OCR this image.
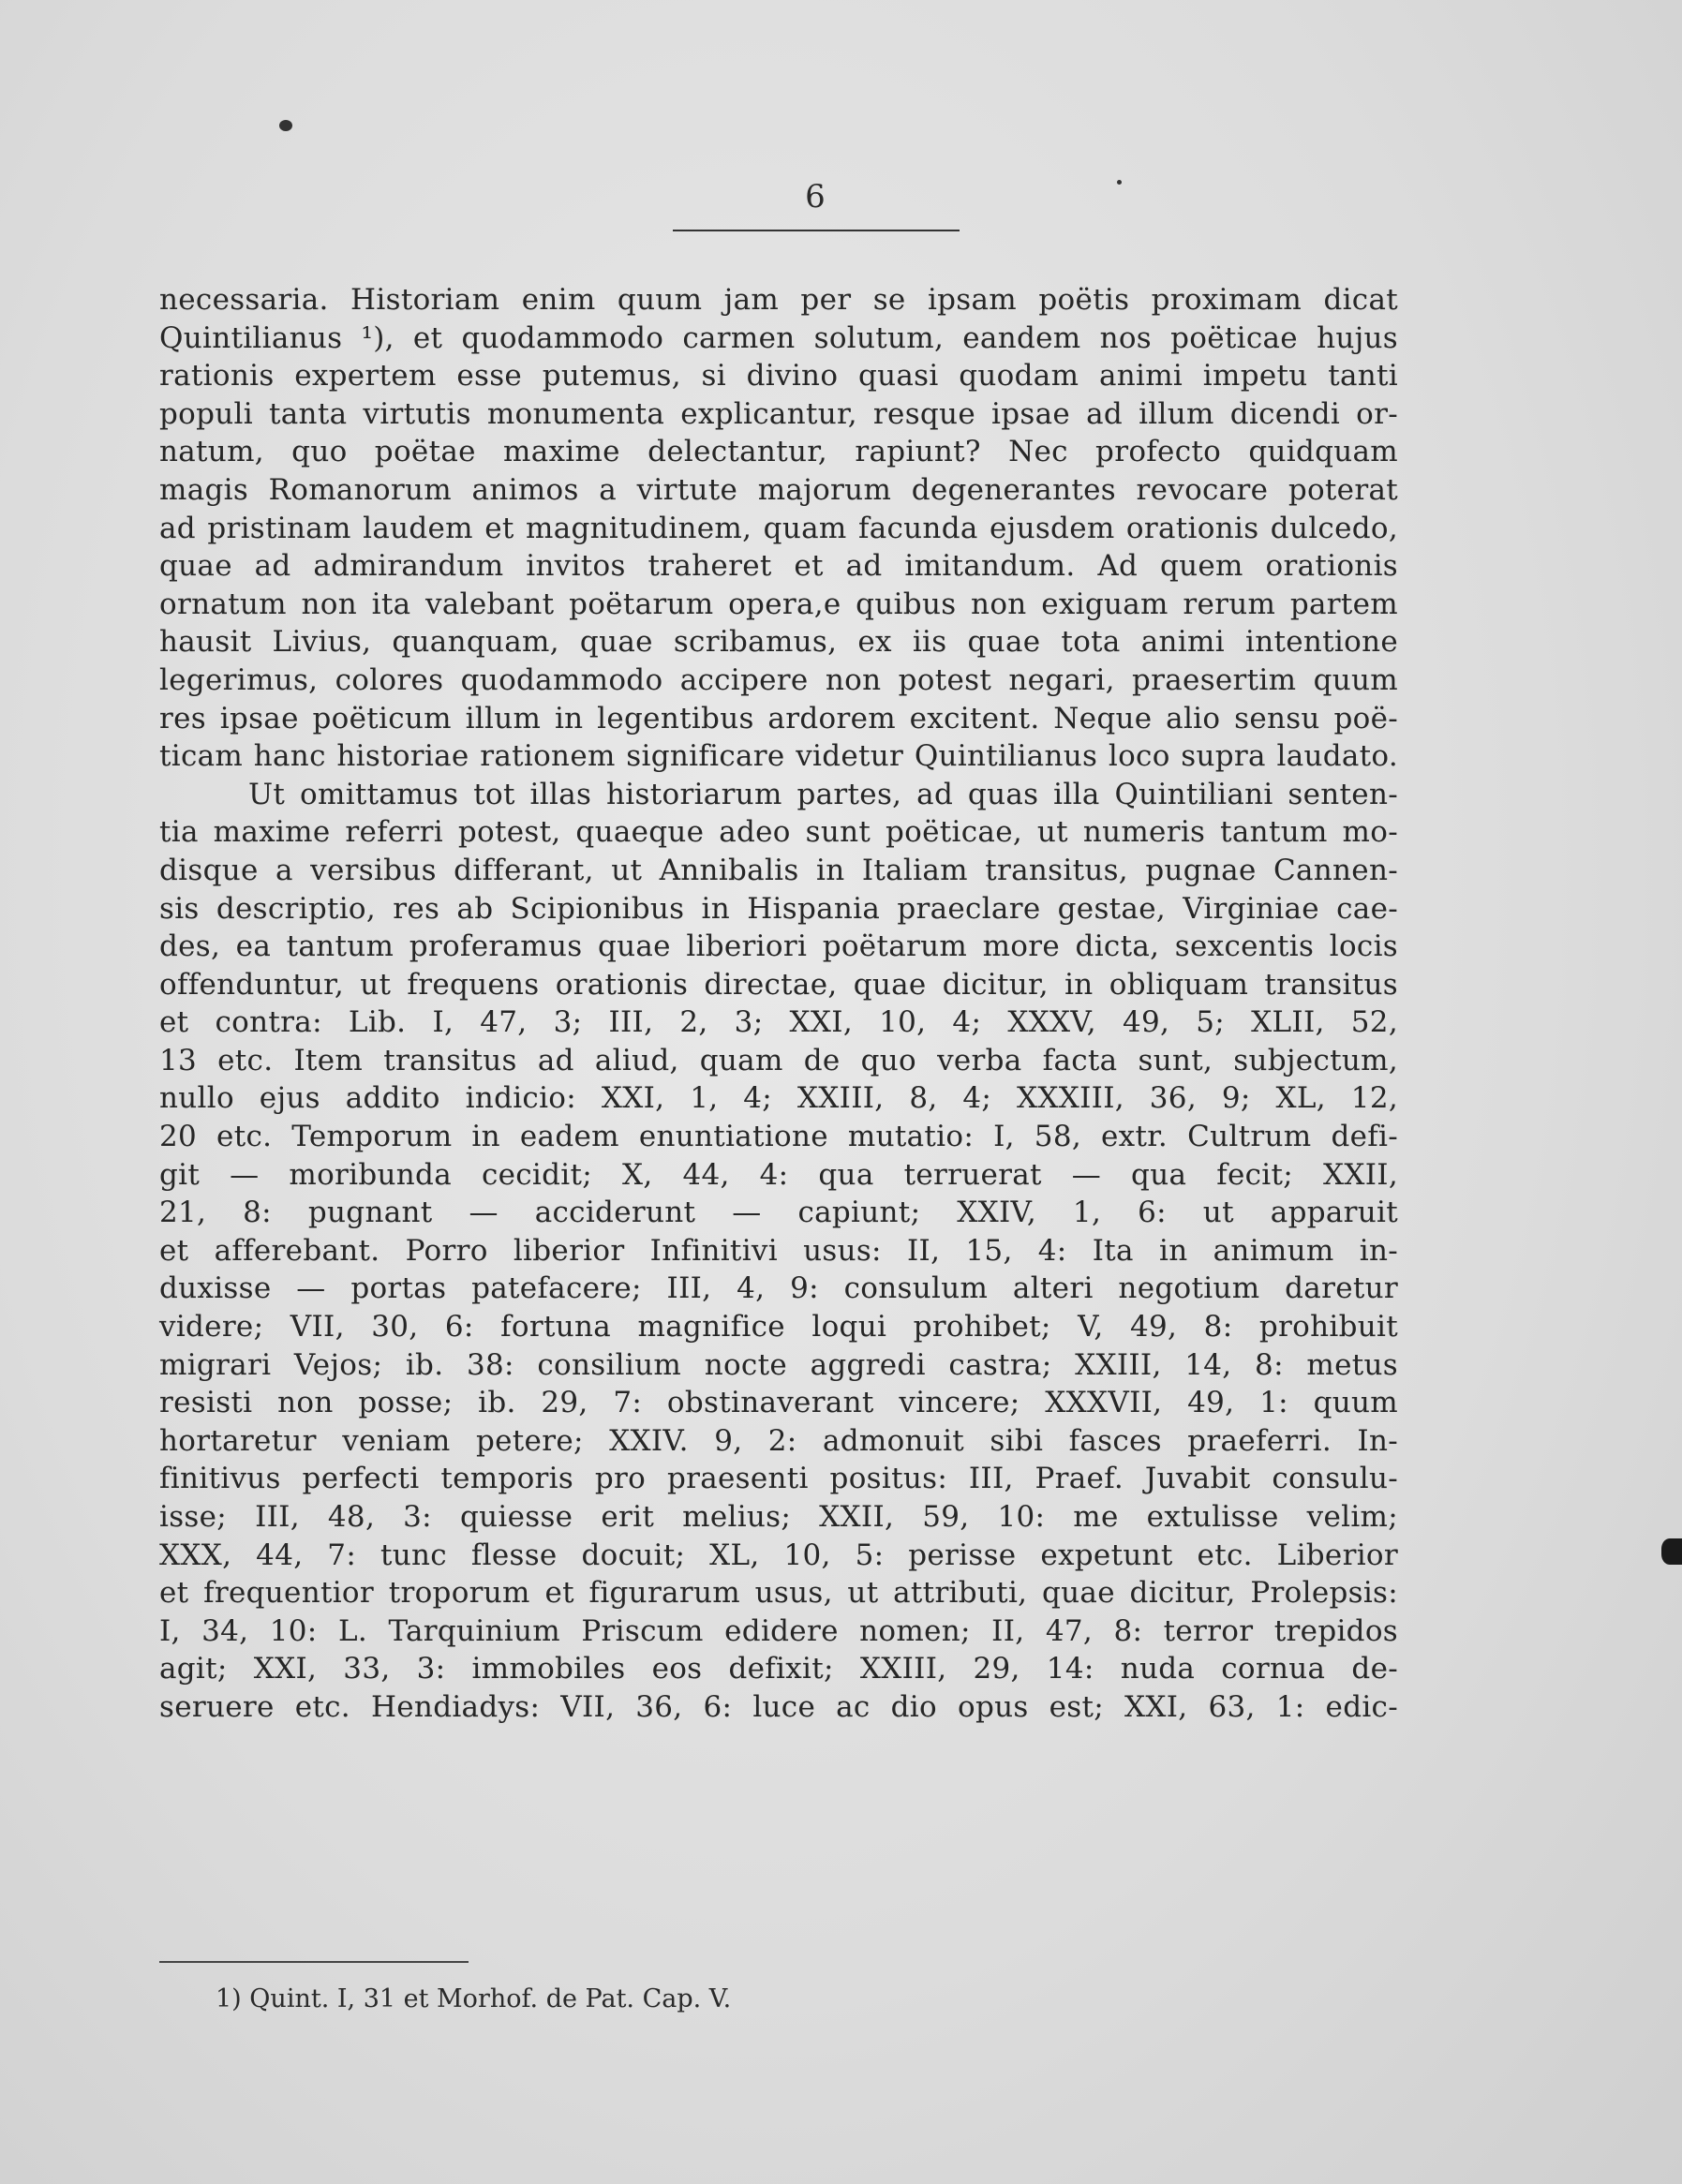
6
necessaria. Historiam enim quum jam per se ipsam poëtis proximam dicat
Quintilianus ¹), et quodammodo carmen solutum, eandem nos poëticae hujus
rationis expertem esse putemus, si divino quasi quodam animi impetu tanti
populi tanta virtutis monumenta explicantur, resque ipsae ad illum dicendi or-
natum, quo poëtae maxime delectantur, rapiunt? Nec profecto quidquam
magis Romanorum animos a virtute majorum degenerantes revocare poterat
ad pristinam laudem et magnitudinem, quam facunda ejusdem orationis dulcedo,
quae ad admirandum invitos traheret et ad imitandum. Ad quem orationis
ornatum non ita valebant poëtarum opera,e quibus non exiguam rerum partem
hausit Livius, quanquam, quae scribamus, ex iis quae tota animi intentione
legerimus, colores quodammodo accipere non potest negari, praesertim quum
res ipsae poëticum illum in legentibus ardorem excitent. Neque alio sensu poë-
ticam hanc historiae rationem significare videtur Quintilianus loco supra laudato.
Ut omittamus tot illas historiarum partes, ad quas illa Quintiliani senten-
tia maxime referri potest, quaeque adeo sunt poëticae, ut numeris tantum mo-
disque a versibus differant, ut Annibalis in Italiam transitus, pugnae Cannen-
sis descriptio, res ab Scipionibus in Hispania praeclare gestae, Virginiae cae-
des, ea tantum proferamus quae liberiori poëtarum more dicta, sexcentis locis
offenduntur, ut frequens orationis directae, quae dicitur, in obliquam transitus
et contra: Lib. I, 47, 3; III, 2, 3; XXI, 10, 4; XXXV, 49, 5; XLII, 52,
13 etc. Item transitus ad aliud, quam de quo verba facta sunt, subjectum,
nullo ejus addito indicio: XXI, 1, 4; XXIII, 8, 4; XXXIII, 36, 9; XL, 12,
20 etc. Temporum in eadem enuntiatione mutatio: I, 58, extr. Cultrum defi-
git — moribunda cecidit; X, 44, 4: qua terruerat — qua fecit; XXII,
21, 8: pugnant — acciderunt — capiunt; XXIV, 1, 6: ut apparuit
et afferebant. Porro liberior Infinitivi usus: II, 15, 4: Ita in animum in-
duxisse — portas patefacere; III, 4, 9: consulum alteri negotium daretur
videre; VII, 30, 6: fortuna magnifice loqui prohibet; V, 49, 8: prohibuit
migrari Vejos; ib. 38: consilium nocte aggredi castra; XXIII, 14, 8: metus
resisti non posse; ib. 29, 7: obstinaverant vincere; XXXVII, 49, 1: quum
hortaretur veniam petere; XXIV. 9, 2: admonuit sibi fasces praeferri. In-
finitivus perfecti temporis pro praesenti positus: III, Praef. Juvabit consulu-
isse; III, 48, 3: quiesse erit melius; XXII, 59, 10: me extulisse velim;
XXX, 44, 7: tunc flesse docuit; XL, 10, 5: perisse expetunt etc. Liberior
et frequentior troporum et figurarum usus, ut attributi, quae dicitur, Prolepsis:
I, 34, 10: L. Tarquinium Priscum edidere nomen; II, 47, 8: terror trepidos
agit; XXI, 33, 3: immobiles eos defixit; XXIII, 29, 14: nuda cornua de-
seruere etc. Hendiadys: VII, 36, 6: luce ac dio opus est; XXI, 63, 1: edic-
1) Quint. I, 31 et Morhof. de Pat. Cap. V.
